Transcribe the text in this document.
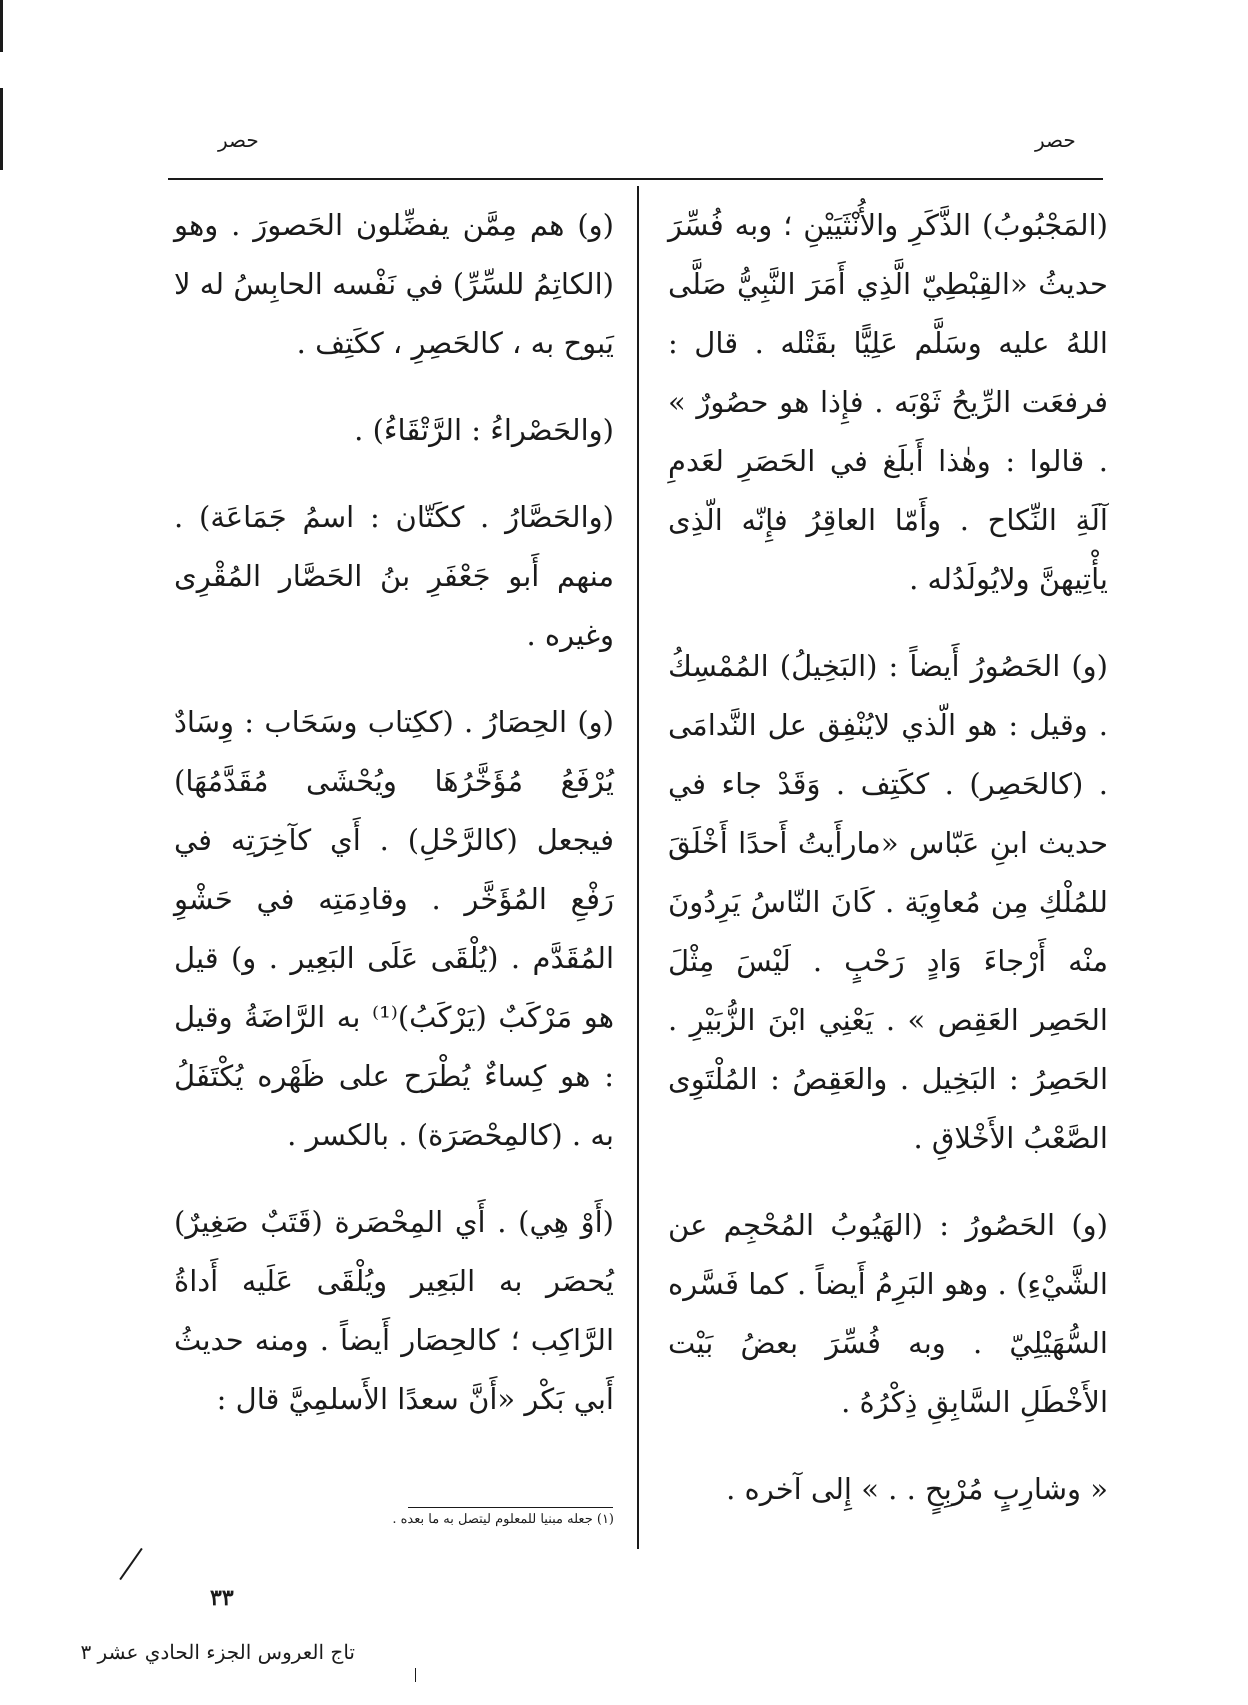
حصر
حصر

(المَجْبُوبُ) الذَّكَرِ والأُنْثَيَيْنِ ؛ وبه فُسِّرَ حديثُ «القِبْطِيّ الَّذِي أَمَرَ النَّبِيُّ صَلَّى اللهُ عليه وسَلَّم عَلِيًّا بقَتْله . قال : فرفعَت الرِّيحُ ثَوْبَه . فإِذا هو حصُورٌ » . قالوا : وهٰذا أَبلَغ في الحَصَرِ لعَدمِ آلَةِ النِّكاح . وأَمّا العاقِرُ فإِنّه الّذِى يأْتِيهنَّ ولايُولَدُله .

(و) الحَصُورُ أَيضاً : (البَخِيلُ) المُمْسِكُ . وقيل : هو الّذي لايُنْفِق عل النَّدامَى . (كالحَصِر) . ككَتِف . وَقَدْ جاء في حديث ابنِ عَبّاس «مارأَيتُ أَحدًا أَخْلَقَ للمُلْكِ مِن مُعاوِيَة . كَانَ النّاسُ يَرِدُونَ منْه أَرْجاءَ وَادٍ رَحْبٍ . لَيْسَ مِثْلَ الحَصِر العَقِص » . يَعْنِي ابْنَ الزُّبَيْرِ . الحَصِرُ : البَخِيل . والعَقِصُ : المُلْتَوِى الصَّعْبُ الأَخْلاقِ .

(و) الحَصُورُ : (الهَيُوبُ المُحْجِم عن الشَّيْءِ) . وهو البَرِمُ أَيضاً . كما فَسَّره السُّهَيْلِيّ . وبه فُسِّرَ بعضُ بَيْت الأَخْطَلِ السَّابِقِ ذِكْرُهُ .

« وشارِبٍ مُرْبِحٍ . . » إِلى آخره .

(و) هم مِمَّن يفضِّلون الحَصورَ . وهو (الكاتِمُ للسِّرِّ) في نَفْسه الحابِسُ له لا يَبوح به ، كالحَصِرِ ، ككَتِف .

(والحَصْراءُ : الرَّتْقَاءُ) .

(والحَصَّارُ . ككَتّان : اسمُ جَمَاعَة) . منهم أَبو جَعْفَرِ بنُ الحَصَّار المُقْرِى وغيره .

(و) الحِصَارُ . (ككِتاب وسَحَاب : وِسَادٌ يُرْفَعُ مُؤَخَّرُهَا ويُحْشَى مُقَدَّمُهَا) فيجعل (كالرَّحْلِ) . أَي كآخِرَتِه في رَفْعِ المُؤَخَّر . وقادِمَتِه في حَشْوِ المُقَدَّم . (يُلْقَى عَلَى البَعِير . و) قيل هو مَرْكَبٌ (يَرْكَبُ)⁽¹⁾ به الرَّاضَةُ وقيل : هو كِساءٌ يُطْرَح على ظَهْره يُكْتَفَلُ به . (كالمِحْصَرَة) . بالكسر .

(أَوْ هِي) . أَي المِحْصَرة (قَتَبٌ صَغِيرٌ) يُحصَر به البَعِير ويُلْقَى عَلَيه أَداةُ الرَّاكِب ؛ كالحِصَار أَيضاً . ومنه حديثُ أَبي بَكْر «أَنَّ سعدًا الأَسلمِيَّ قال :

(١) جعله مبنيا للمعلوم ليتصل به ما بعده .
٣٣
تاج العروس الجزء الحادي عشر ٣
